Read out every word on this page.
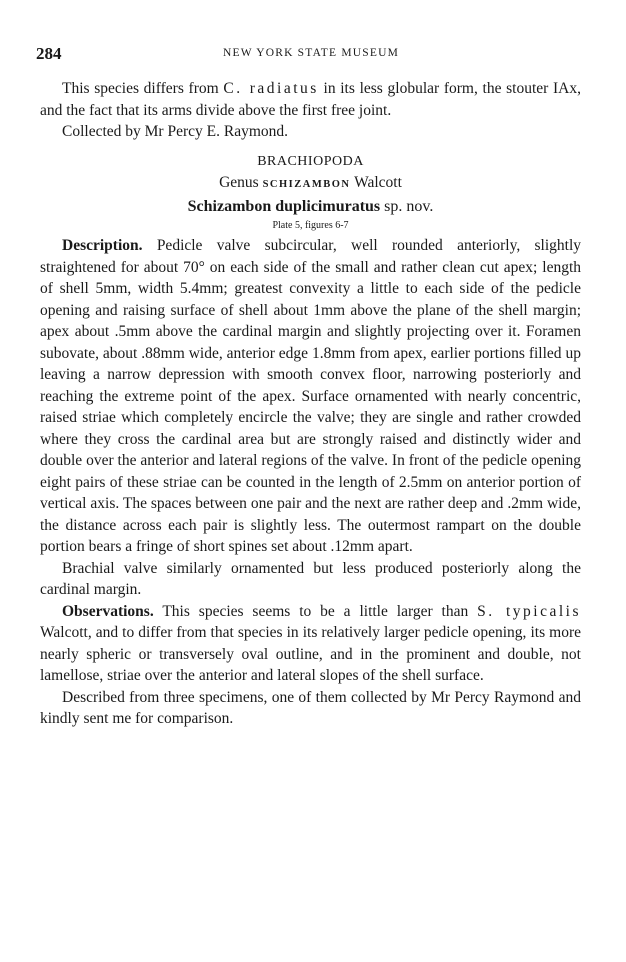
284	NEW YORK STATE MUSEUM

This species differs from C. radiatus in its less globular form, the stouter IAx, and the fact that its arms divide above the first free joint.

Collected by Mr Percy E. Raymond.

BRACHIOPODA

Genus SCHIZAMBON Walcott

Schizambon duplicimuratus sp. nov.

Plate 5, figures 6-7

Description. Pedicle valve subcircular, well rounded anteriorly, slightly straightened for about 70° on each side of the small and rather clean cut apex; length of shell 5mm, width 5.4mm; greatest convexity a little to each side of the pedicle opening and raising surface of shell about 1mm above the plane of the shell margin; apex about .5mm above the cardinal margin and slightly projecting over it. Foramen subovate, about .88mm wide, anterior edge 1.8mm from apex, earlier portions filled up leaving a narrow depression with smooth convex floor, narrowing posteriorly and reaching the extreme point of the apex. Surface ornamented with nearly concentric, raised striae which completely encircle the valve; they are single and rather crowded where they cross the cardinal area but are strongly raised and distinctly wider and double over the anterior and lateral regions of the valve. In front of the pedicle opening eight pairs of these striae can be counted in the length of 2.5mm on anterior portion of vertical axis. The spaces between one pair and the next are rather deep and .2mm wide, the distance across each pair is slightly less. The outermost rampart on the double portion bears a fringe of short spines set about .12mm apart.

Brachial valve similarly ornamented but less produced posteriorly along the cardinal margin.

Observations. This species seems to be a little larger than S. typicalis Walcott, and to differ from that species in its relatively larger pedicle opening, its more nearly spheric or transversely oval outline, and in the prominent and double, not lamellose, striae over the anterior and lateral slopes of the shell surface.

Described from three specimens, one of them collected by Mr Percy Raymond and kindly sent me for comparison.
